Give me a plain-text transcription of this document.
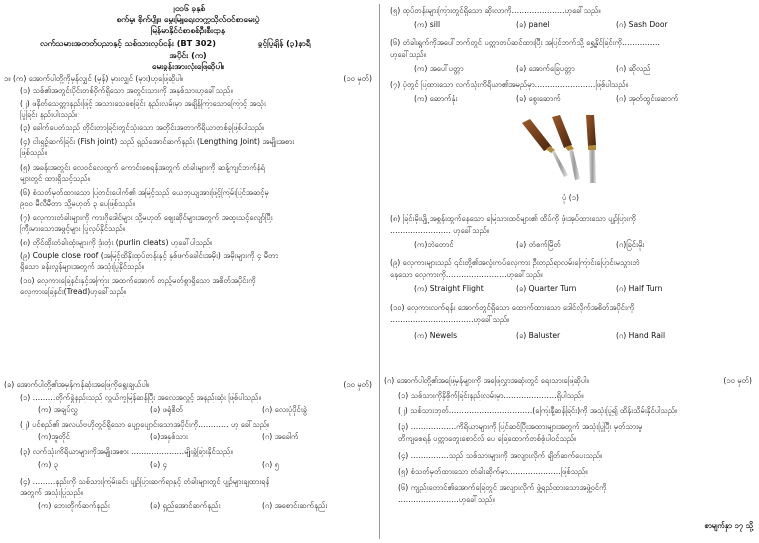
၂၀၁၆ ခုနှစ်
စက်မှု၊ စိုက်ပျိုး၊ မွေးမြူရေးတက္ကသိုလ်ဝင်စာမေးပွဲ
မြန်မာနိုင်ငံစာစစ်ဦးစီးဌာန
လက်သမားအတတ်ပညာနှင့် သစ်သားလုပ်ငန်း (BT 302)	ခွင့်ပြုချိန် (၃)နာရီ
အပိုင်း (က)
မေးခွန်းအားလုံးဖြေဆိုပါ။
၁။ (က) အောက်ပါတို့ကိုမှန်လျှင် (မှန်) မှားလျှင် (မှား)ဟုဖြေဆိုပါ။	(၁၀ မှတ်)
(၁) သစ်၏အတွင်းပိုင်းတစ်ဝိုက်ရှိသော အတွင်းသားကို အနှစ်သားဟုခေါ်သည်။
(၂) ဖနိတ်သေတ္တာနည်းဖြင့် အသားသေစေခြင်း နည်းလမ်းမှာ အချိန်ကြာသောကြောင့် အသုံး
ပြုခြင်း နည်းပါးသည်။
(၃) ခေါက်ပေတံသည် တိုင်းတာခြင်းတွင်သုံးသော အတိုင်းအတာကိရိယာတစ်ခုဖြစ်ပါသည်။
(၄) ငါးရှဉ့်ဆက်ခြင်း (Fish joint) သည် ရှည်အောင်ဆက်နည်း (Lengthing Joint) အမျိုးအစား
ဖြစ်သည်။
(၅) အခန်းအတွင်း လေဝင်လေထွက် ကောင်းစေရန်အတွက် တံခါးများကို ဆန့်ကျင်ဘက်နံရံ
များတွင် ထားရှိသင့်သည်။
(၆) စံသတ်မှတ်ထားသော ပြတင်းပေါက်၏ အမြင့်သည် ယေဘုယျအားဖြင့်ကြမ်းပြင်အဆင့်မှ
၉၀၀ မီလီမီတာ သို့မဟုတ် ၃ ပေဖြစ်သည်။
(၇) လှေကားတံခါးများကို ကားဂိုဒေါင်များ သို့မဟုတ် စျေးဆိုင်များအတွက် အထူးသင့်လျော်ပြီး
ကြီးမားသောအဖွင့်များ ပြုလုပ်နိုင်သည်။
(၈) တိုင်ထိုးတံခါးထုံးများကို ဒုံးတုံး (purlin cleats) ဟုခေါ်ပါသည်။
(၉) Couple close roof (အမြင့်ထိနိုးထုပ်တန်းနှင့် နှစ်ဖက်ခေါင်းအမိုး) အမိုးများကို ၄ မီတာ
ရှိသော ခန်းလွန်များအတွက် အသုံးပြုနိုင်သည်။
(၁၀) လှေကားခြေနင်းနှင့်အကြား အထက်အောက် တည့်မတ်စွာရှိသော အစိတ်အပိုင်းကို
လှေကားခြေနင်း(Tread)ဟုခေါ်သည်။
(ခ) အောက်ပါတို့၏အမှန်ကန်ဆုံးအဖြေကိုရွေးချယ်ပါ။	(၁၀ မှတ်)
(၁) ………တိုက်ခွဲနည်းသည် လွယ်ကူမြန်ဆန်ပြီး အလေအလွင့် အနည်းဆုံး ဖြစ်ပါသည်။
(က) အချပ်လွှ	(ခ) ဖရုံစိတ်	(ဂ) လေးပုံပိုင်းခွဲ
(၂) ပင်စည်၏ အလယ်ဗဟိုတွင်ရှိသော ပျော့ပျောင်းသောအပိုင်းကို………… ဟု ခေါ်သည်။
(က)အူတိုင်	(ခ)အနှစ်သား	(ဂ) အခေါက်
(၃) လက်သုံးကိရိယာများကိုအမျိုးအစား …………………မျိုးခွဲခြားနိုင်သည်။
(က) ၃	(ခ) ၄	(ဂ) ၅
(၄) ………နည်းကို သစ်သားကြမ်းခင်း ပျဉ်ပြားဆက်ရာနှင့် တံခါးများတွင် ပျဉ်များချထားရန်
အတွက် အသုံးပြုသည်။
(က) ဘေးတိုက်ဆက်နည်း	(ခ) ရှည်အောင်ဆက်နည်း	(ဂ) အစောင်းဆက်နည်း
(၅) ထုပ်တန်းများကြားတွင်ရှိသော ဆိုးလာကို…………………ဟုခေါ်သည်။
(က) sill	(ခ) panel	(ဂ) Sash Door
(၆) တံခါးရွက်ကိုအပေါ်ဘက်တွင် ပတ္တာတပ်ဆင်ထားပြီး အပြင်ဘက်သို့ ရွှေ့နိုင်ခြင်းကို……………
ဟုခေါ်သည်။
(က) အပေါ်ပတ္တာ	(ခ) အောက်ခြေပတ္တာ	(ဂ) ဆိုလည်
(၇) ပုံတွင် ပြထားသော လက်သုံးကိရိယာ၏အမည်မှာ……………………ဖြစ်ပါသည်။
(က) ဆောက်နုံး	(ခ) စွေးဆောက်	(ဂ) အုတ်ထွင်းဆောက်
ပုံ (၁)
(၈) ခြင်းမိုးပျို့ အစွန်းထွက်နေသော မြေသားထင်များ၏ ထိပ်ကို ဖုံးအုပ်ထားသော ပျဉ်ပြားကို
…………………… ဟုခေါ်သည်။
(က)ဘဲတောင်	(ခ) တံစက်မြိတ်	(ဂ)ခြင်းမိုး
(၉) လှေကားများသည် ၎င်းတို့၏အလှုံးကပ်လှေကား ဦးတည်ရာလမ်းကြောင်းပြောင်းမသွားဘဲ
နေသော လှေကားကို……………………ဟုခေါ်သည်။
(က) Straight Flight	(ခ) Quarter Turn	(ဂ) Half Turn
(၁၀) လှေကားလက်ရန်း အောက်တွင်ရှိသော ထောက်ထားသော ဒေါင်လိုက်အစိတ်အပိုင်းကို
……………………………ဟုခေါ်သည်။
(က) Newels	(ခ) Baluster	(ဂ) Hand Rail
(ဂ) အောက်ပါတို့၏အဖြေမှန်များကို အဖြေလွှာအဆုံးတွင် ရေးသားဖြေဆိုပါ။	(၁၀ မှတ်)
(၁) သစ်သားကိုနိုစိုက်ခြင်းနည်းလမ်းမှာ…………………ရှိပါသည်။
(၂) သစ်သားဘုတ်……………………………(ကြေးနီ့ဆန်ခြင်း)ကို အသုံးပြု၍ ထိန်းသိမ်းနိုင်ပါသည်။
(၃) ………………ကိရိယာများကို ပြင်ဆင်ပြီးအထားများအတွက် အသုံးပြုပြီး မှတ်သားမှု
တိကျစေရန် ပတ္တာတွေးစောင်လ် ပေ ခြေထောက်တစ်စုံပါဝင်သည်။
(၄) ……………သည် သစ်သားများကို အလျားလိုက် ချိတ်ဆက်ပေးသည်။
(၅) စံသတ်မှတ်ထားသော တံခါးဆိုက်မှာ…………………ဖြစ်သည်။
(၆) ကျည်းတောင်၏အောက်ခြေတွင် အလျားလိုက် ဖွဲ့ရည်ထားသောအဖွဲ့ဝင်ကို
……………………ဟုခေါ်သည်။
စာမျက်နှာ ၁၇ သို့
